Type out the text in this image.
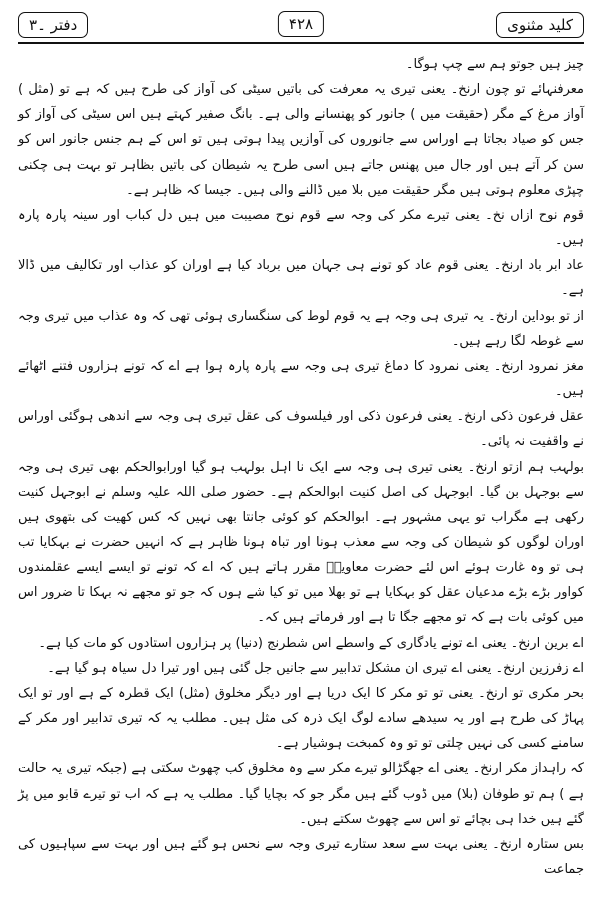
کلید مثنوی
۴۲۸
دفتر ۔۳

چیز ہیں جوتو ہم سے چپ ہوگا۔

معرفنہائے تو چون ارنخ۔ یعنی تیری یہ معرفت کی باتیں سیٹی کی آواز کی طرح ہیں کہ ہے تو (مثل ) آواز مرغ کے مگر (حقیقت میں ) جانور کو پھنسانے والی ہے۔ بانگ صفیر کہتے ہیں اس سیٹی کی آواز کو جس کو صیاد بجاتا ہے اوراس سے جانوروں کی آوازیں پیدا ہوتی ہیں تو اس کے ہم جنس جانور اس کو سن کر آتے ہیں اور جال میں پھنس جاتے ہیں اسی طرح یہ شیطان کی باتیں بظاہر تو بہت ہی چکنی چپڑی معلوم ہوتی ہیں مگر حقیقت میں بلا میں ڈالنے والی ہیں۔ جیسا کہ ظاہر ہے۔

قوم نوح ازاں نخ۔ یعنی تیرے مکر کی وجہ سے قوم نوح مصیبت میں ہیں دل کباب اور سینہ پارہ پارہ ہیں۔

عاد ابر باد ارنخ۔ یعنی قوم عاد کو تونے ہی جہان میں برباد کیا ہے اوران کو عذاب اور تکالیف میں ڈالا ہے۔

از تو بوداین ارنخ۔ یہ تیری ہی وجہ ہے یہ قوم لوط کی سنگساری ہوئی تھی کہ وہ عذاب میں تیری وجہ سے غوطہ لگا رہے ہیں۔

مغز نمرود ارنخ۔ یعنی نمرود کا دماغ تیری ہی وجہ سے پارہ پارہ ہوا ہے اے کہ تونے ہزاروں فتنے اٹھائے ہیں۔

عقل فرعون ذکی ارنخ۔ یعنی فرعون ذکی اور فیلسوف کی عقل تیری ہی وجہ سے اندھی ہوگئی اوراس نے واقفیت نہ پائی۔

بولہب ہم ازتو ارنخ۔ یعنی تیری ہی وجہ سے ایک نا اہل بولہب ہو گیا اورابوالحکم بھی تیری ہی وجہ سے بوجہل بن گیا۔ ابوجہل کی اصل کنیت ابوالحکم ہے۔ حضور صلی اللہ علیہ وسلم نے ابوجہل کنیت رکھی ہے مگراب تو یہی مشہور ہے۔ ابوالحکم کو کوئی جانتا بھی نہیں کہ کس کھیت کی بتھوی ہیں اوران لوگوں کو شیطان کی وجہ سے معذب ہونا اور تباہ ہونا ظاہر ہے کہ انہیں حضرت نے بہکایا تب ہی تو وہ غارت ہوئے اس لئے حضرت معاویہؓ مقرر ہاتے ہیں کہ اے کہ تونے تو ایسے ایسے عقلمندوں کواور بڑے بڑے مدعیان عقل کو بہکایا ہے تو بھلا میں تو کیا شے ہوں کہ جو تو مجھے نہ بہکا تا ضرور اس میں کوئی بات ہے کہ تو مجھے جگا تا ہے اور فرماتے ہیں کہ۔

اے برین ارنخ۔ یعنی اے تونے یادگاری کے واسطے اس شطرنج (دنیا) پر ہزاروں استادوں کو مات کیا ہے۔

اے زفرزین ارنخ۔ یعنی اے تیری ان مشکل تدابیر سے جانیں جل گئی ہیں اور تیرا دل سیاہ ہو گیا ہے۔

بحر مکری تو ارنخ۔ یعنی تو تو مکر کا ایک دریا ہے اور دیگر مخلوق (مثل) ایک قطرہ کے ہے اور تو ایک پہاڑ کی طرح ہے اور یہ سیدھے سادے لوگ ایک ذرہ کی مثل ہیں۔ مطلب یہ کہ تیری تدابیر اور مکر کے سامنے کسی کی نہیں چلتی تو تو وہ کمبخت ہوشیار ہے۔

کہ راہداز مکر ارنخ۔ یعنی اے جھگڑالو تیرے مکر سے وہ مخلوق کب چھوٹ سکتی ہے (جبکہ تیری یہ حالت ہے ) ہم تو طوفان (بلا) میں ڈوب گئے ہیں مگر جو کہ بچایا گیا۔ مطلب یہ ہے کہ اب تو تیرے قابو میں پڑ گئے ہیں خدا ہی بچائے تو اس سے چھوٹ سکتے ہیں۔

بس ستارہ ارنخ۔ یعنی بہت سے سعد ستارے تیری وجہ سے نحس ہو گئے ہیں اور بہت سے سپاہیوں کی جماعت
